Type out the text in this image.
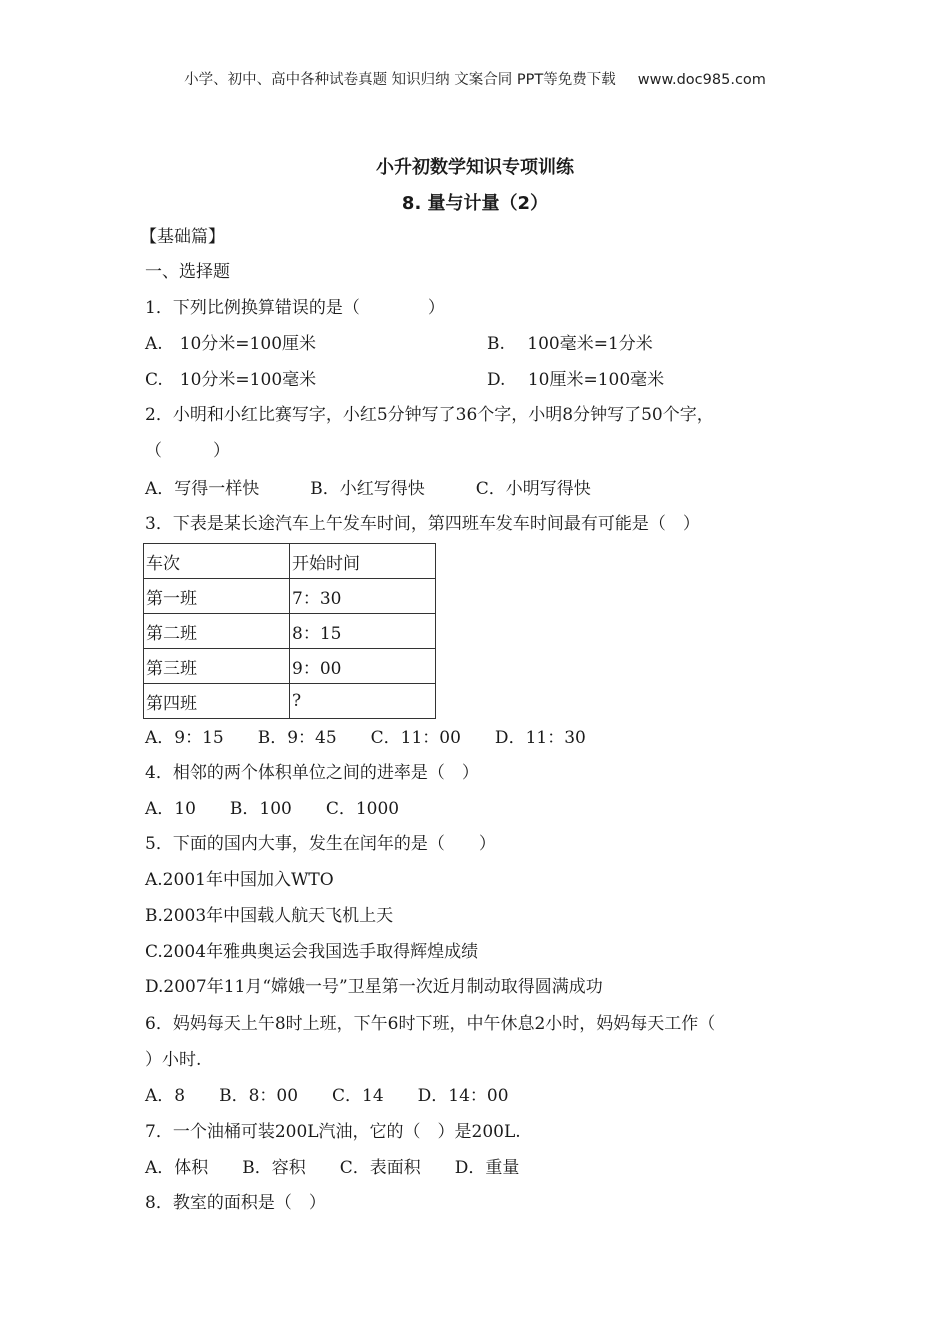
小学、初中、高中各种试卷真题 知识归纳 文案合同 PPT等免费下载 www.doc985.com
小升初数学知识专项训练
8. 量与计量（2）
【基础篇】
一、选择题
1．下列比例换算错误的是（　　　　）
A.　10分米=100厘米	B.　 100毫米=1分米
C.　10分米=100毫米	D.　 10厘米=100毫米
2．小明和小红比赛写字，小红5分钟写了36个字，小明8分钟写了50个字，
（　　　）
A．写得一样快　　　B．小红写得快　　　C．小明写得快
3．下表是某长途汽车上午发车时间，第四班车发车时间最有可能是（　）
车次	开始时间
第一班	7：30
第二班	8：15
第三班	9：00
第四班	?
A．9：15　　B．9：45　　C．11：00　　D．11：30
4．相邻的两个体积单位之间的进率是（　）
A．10　　B．100　　C．1000
5．下面的国内大事，发生在闰年的是（　　）
A.2001年中国加入WTO
B.2003年中国载人航天飞机上天
C.2004年雅典奥运会我国选手取得辉煌成绩
D.2007年11月“嫦娥一号”卫星第一次近月制动取得圆满成功
6．妈妈每天上午8时上班，下午6时下班，中午休息2小时，妈妈每天工作（
）小时.
A．8　　B．8：00　　C．14　　D．14：00
7．一个油桶可装200L汽油，它的（　）是200L.
A．体积　　B．容积　　C．表面积　　D．重量
8．教室的面积是（　）
